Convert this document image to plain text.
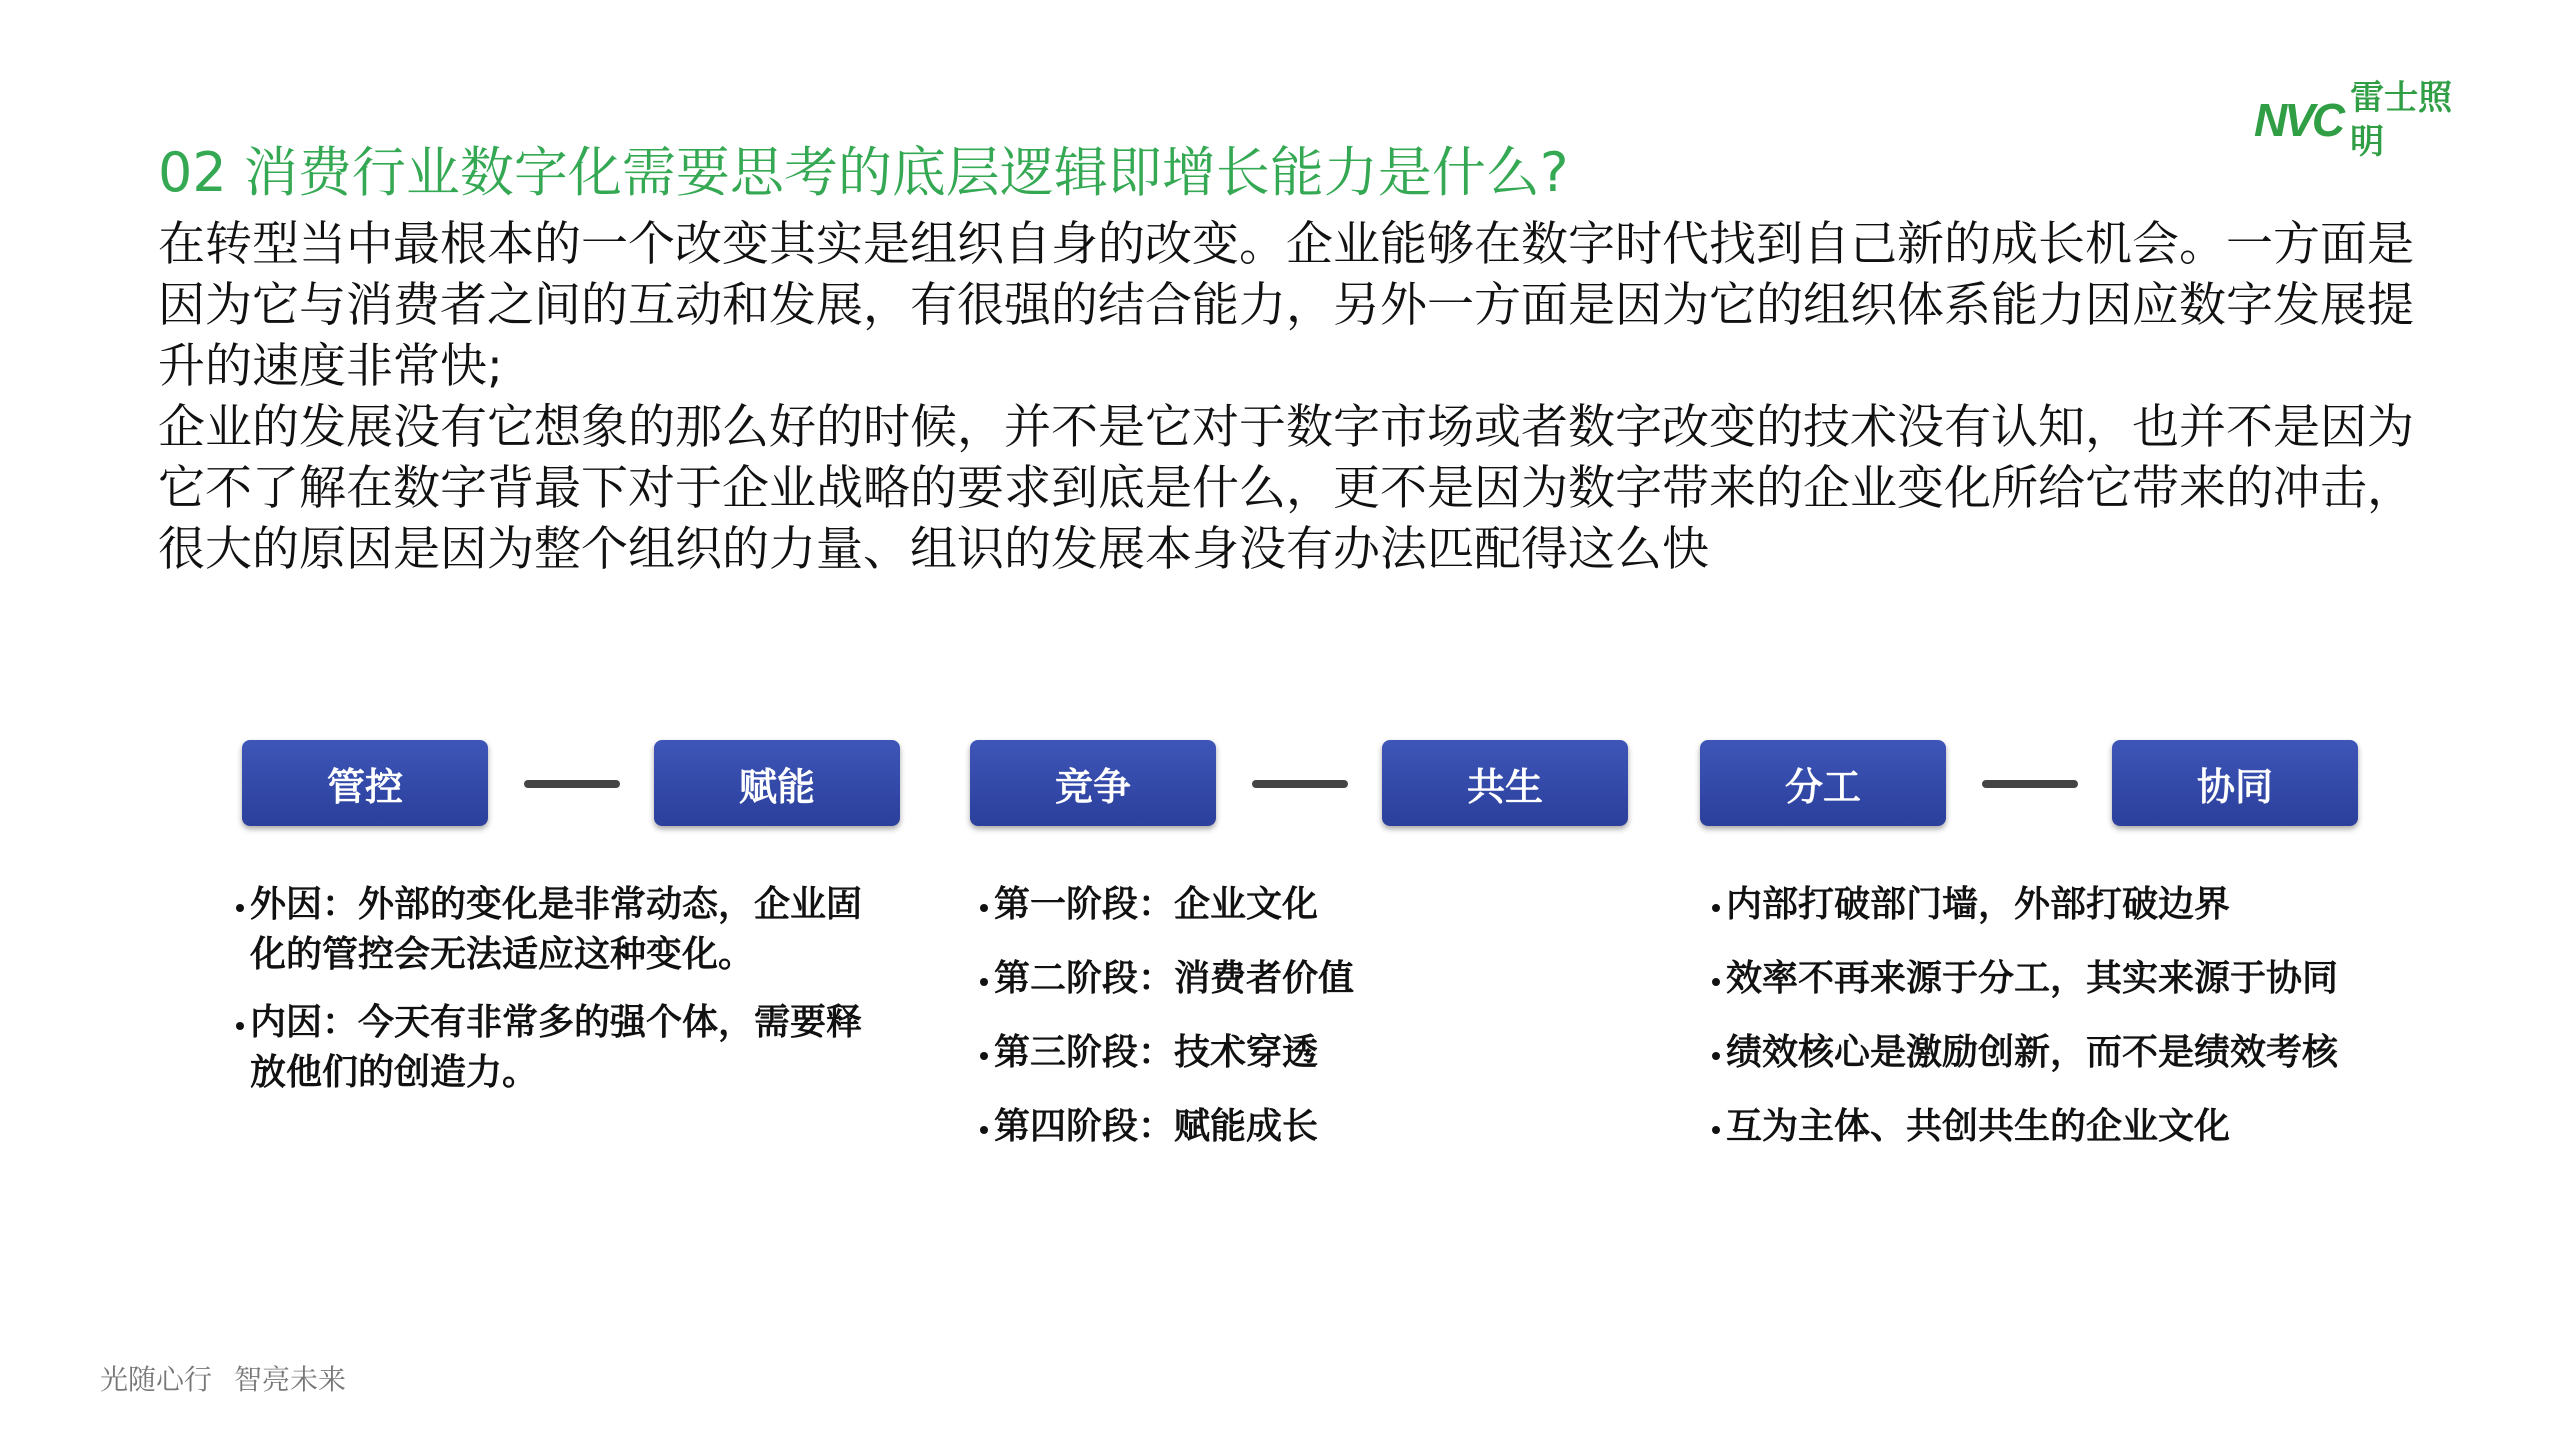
NVC 雷士照明
02 消费行业数字化需要思考的底层逻辑即增长能力是什么?

在转型当中最根本的一个改变其实是组织自身的改变。企业能够在数字时代找到自己新的成长机会。一方面是因为它与消费者之间的互动和发展，有很强的结合能力，另外一方面是因为它的组织体系能力因应数字发展提升的速度非常快;

企业的发展没有它想象的那么好的时候，并不是它对于数字市场或者数字改变的技术没有认知，也并不是因为它不了解在数字背最下对于企业战略的要求到底是什么，更不是因为数字带来的企业变化所给它带来的冲击，很大的原因是因为整个组织的力量、组识的发展本身没有办法匹配得这么快

管控	赋能	竞争	共生	分工	协同
外因：外部的变化是非常动态，企业固化的管控会无法适应这种变化。
内因：今天有非常多的强个体，需要释放他们的创造力。
第一阶段：企业文化
第二阶段：消费者价值
第三阶段：技术穿透
第四阶段：赋能成长
内部打破部门墙，外部打破边界
效率不再来源于分工，其实来源于协同
绩效核心是激励创新，而不是绩效考核
互为主体、共创共生的企业文化
光随心行 智亮未来
